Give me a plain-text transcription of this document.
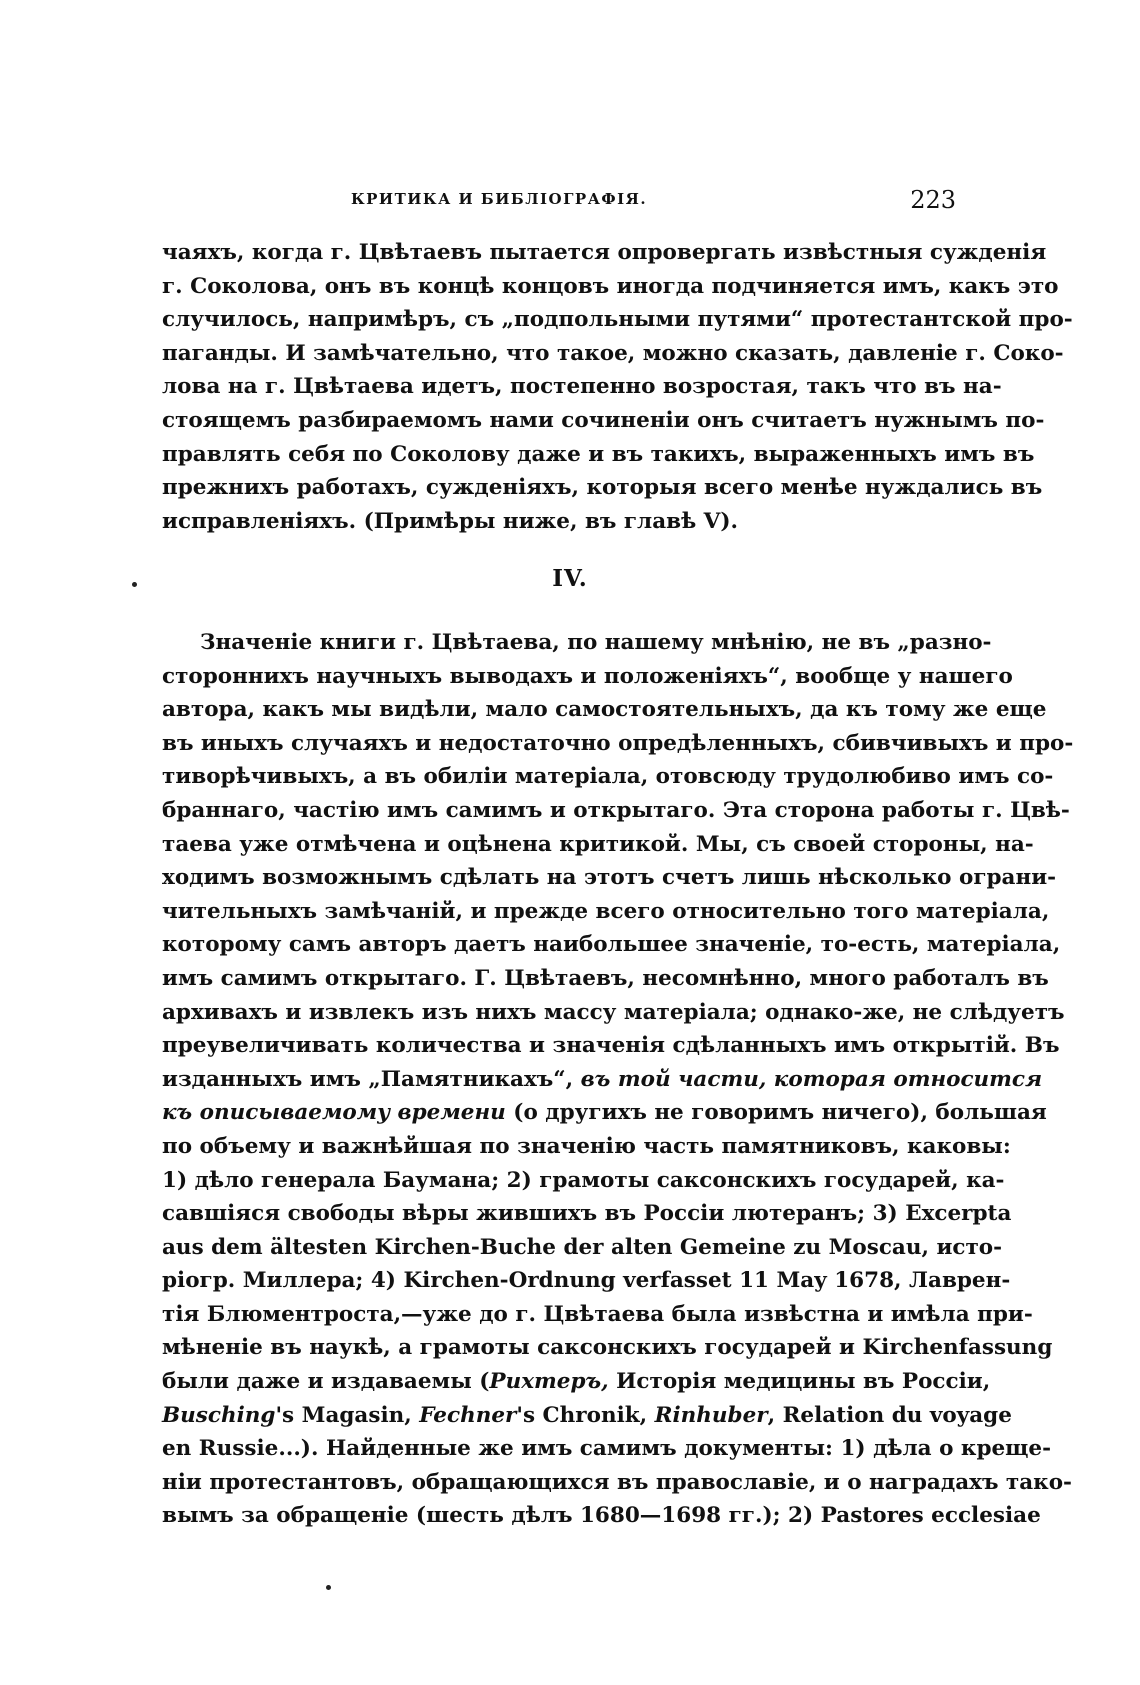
КРИТИКА И БИБЛІОГРАФІЯ.	223
чаяхъ, когда г. Цвѣтаевъ пытается опровергать извѣстныя сужденія
г. Соколова, онъ въ концѣ концовъ иногда подчиняется имъ, какъ это
случилось, напримѣръ, съ „подпольными путями“ протестантской про-
паганды. И замѣчательно, что такое, можно сказать, давленіе г. Соко-
лова на г. Цвѣтаева идетъ, постепенно возростая, такъ что въ на-
стоящемъ разбираемомъ нами сочиненіи онъ считаетъ нужнымъ по-
правлять себя по Соколову даже и въ такихъ, выраженныхъ имъ въ
прежнихъ работахъ, сужденіяхъ, которыя всего менѣе нуждались въ
исправленіяхъ. (Примѣры ниже, въ главѣ V).
IV.
Значеніе книги г. Цвѣтаева, по нашему мнѣнію, не въ „разно-
стороннихъ научныхъ выводахъ и положеніяхъ“, вообще у нашего
автора, какъ мы видѣли, мало самостоятельныхъ, да къ тому же еще
въ иныхъ случаяхъ и недостаточно опредѣленныхъ, сбивчивыхъ и про-
тиворѣчивыхъ, а въ обиліи матеріала, отовсюду трудолюбиво имъ со-
браннаго, частію имъ самимъ и открытаго. Эта сторона работы г. Цвѣ-
таева уже отмѣчена и оцѣнена критикой. Мы, съ своей стороны, на-
ходимъ возможнымъ сдѣлать на этотъ счетъ лишь нѣсколько ограни-
чительныхъ замѣчаній, и прежде всего относительно того матеріала,
которому самъ авторъ даетъ наибольшее значеніе, то-есть, матеріала,
имъ самимъ открытаго. Г. Цвѣтаевъ, несомнѣнно, много работалъ въ
архивахъ и извлекъ изъ нихъ массу матеріала; однако-же, не слѣдуетъ
преувеличивать количества и значенія сдѣланныхъ имъ открытій. Въ
изданныхъ имъ „Памятникахъ“, въ той части, которая относится
къ описываемому времени (о другихъ не говоримъ ничего), большая
по объему и важнѣйшая по значенію часть памятниковъ, каковы:
1) дѣло генерала Баумана; 2) грамоты саксонскихъ государей, ка-
савшіяся свободы вѣры жившихъ въ Россіи лютеранъ; 3) Excerpta
aus dem ältesten Kirchen-Buche der alten Gemeine zu Moscau, исто-
ріогр. Миллера; 4) Kirchen-Ordnung verfasset 11 May 1678, Лаврен-
тія Блюментроста,—уже до г. Цвѣтаева была извѣстна и имѣла при-
мѣненіе въ наукѣ, а грамоты саксонскихъ государей и Kirchenfassung
были даже и издаваемы (Рихтеръ, Исторія медицины въ Россіи,
Busching's Magasin, Fechner's Chronik, Rinhuber, Relation du voyage
en Russie...). Найденные же имъ самимъ документы: 1) дѣла о креще-
ніи протестантовъ, обращающихся въ православіе, и о наградахъ тако-
вымъ за обращеніе (шесть дѣлъ 1680—1698 гг.); 2) Pastores ecclesiae
